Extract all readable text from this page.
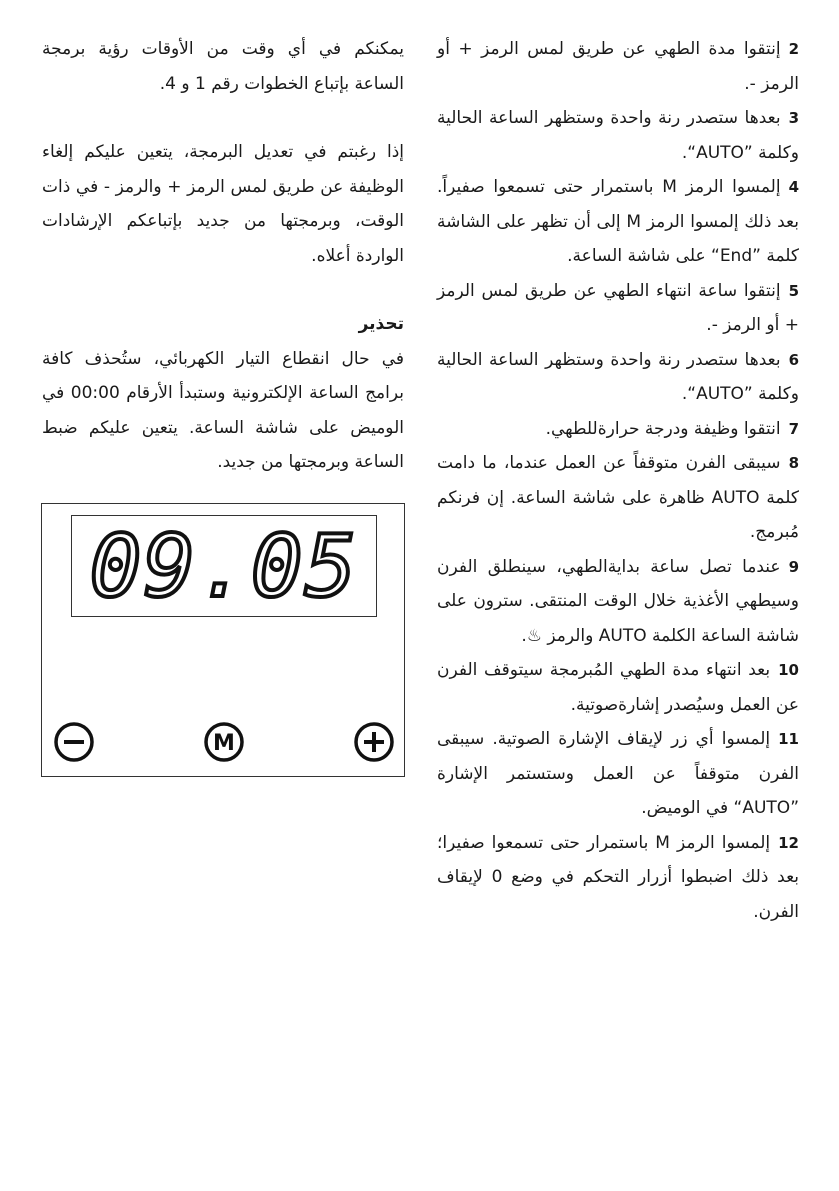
2إنتقوا مدة الطهي عن طريق لمس الرمز + أو الرمز -.

3بعدها ستصدر رنة واحدة وستظهر الساعة الحالية وكلمة ”AUTO“.

4إلمسوا الرمز M باستمرار حتى تسمعوا صفيراً. بعد ذلك إلمسوا الرمز M إلى أن تظهر على الشاشة كلمة ”End“ على شاشة الساعة.

5إنتقوا ساعة انتهاء الطهي عن طريق لمس الرمز + أو الرمز -.

6بعدها ستصدر رنة واحدة وستظهر الساعة الحالية وكلمة ”AUTO“.

7انتقوا وظيفة ودرجة حرارةللطهي.

8سيبقى الفرن متوقفاً عن العمل عندما، ما دامت كلمة AUTO ظاهرة على شاشة الساعة. إن فرنكم مُبرمج.

9عندما تصل ساعة بدايةالطهي، سينطلق الفرن وسيطهي الأغذية خلال الوقت المنتقى. سترون على شاشة الساعة الكلمة AUTO والرمز ♨.

10بعد انتهاء مدة الطهي المُبرمجة سيتوقف الفرن عن العمل وسيُصدر إشارةصوتية.

11إلمسوا أي زر لإيقاف الإشارة الصوتية. سيبقى الفرن متوقفاً عن العمل وستستمر الإشارة ”AUTO“ في الوميض.

12إلمسوا الرمز M باستمرار حتى تسمعوا صفيرا؛ بعد ذلك اضبطوا أزرار التحكم في وضع 0 لإيقاف الفرن.

يمكنكم في أي وقت من الأوقات رؤية برمجة الساعة بإتباع الخطوات رقم 1 و 4.

إذا رغبتم في تعديل البرمجة، يتعين عليكم إلغاء الوظيفة عن طريق لمس الرمز + والرمز - في ذات الوقت، وبرمجتها من جديد بإتباعكم الإرشادات الواردة أعلاه.

تحذير

في حال انقطاع التيار الكهربائي، ستُحذف كافة برامج الساعة الإلكترونية وستبدأ الأرقام 00:00 في الوميض على شاشة الساعة. يتعين عليكم ضبط الساعة وبرمجتها من جديد.

09.05
M
